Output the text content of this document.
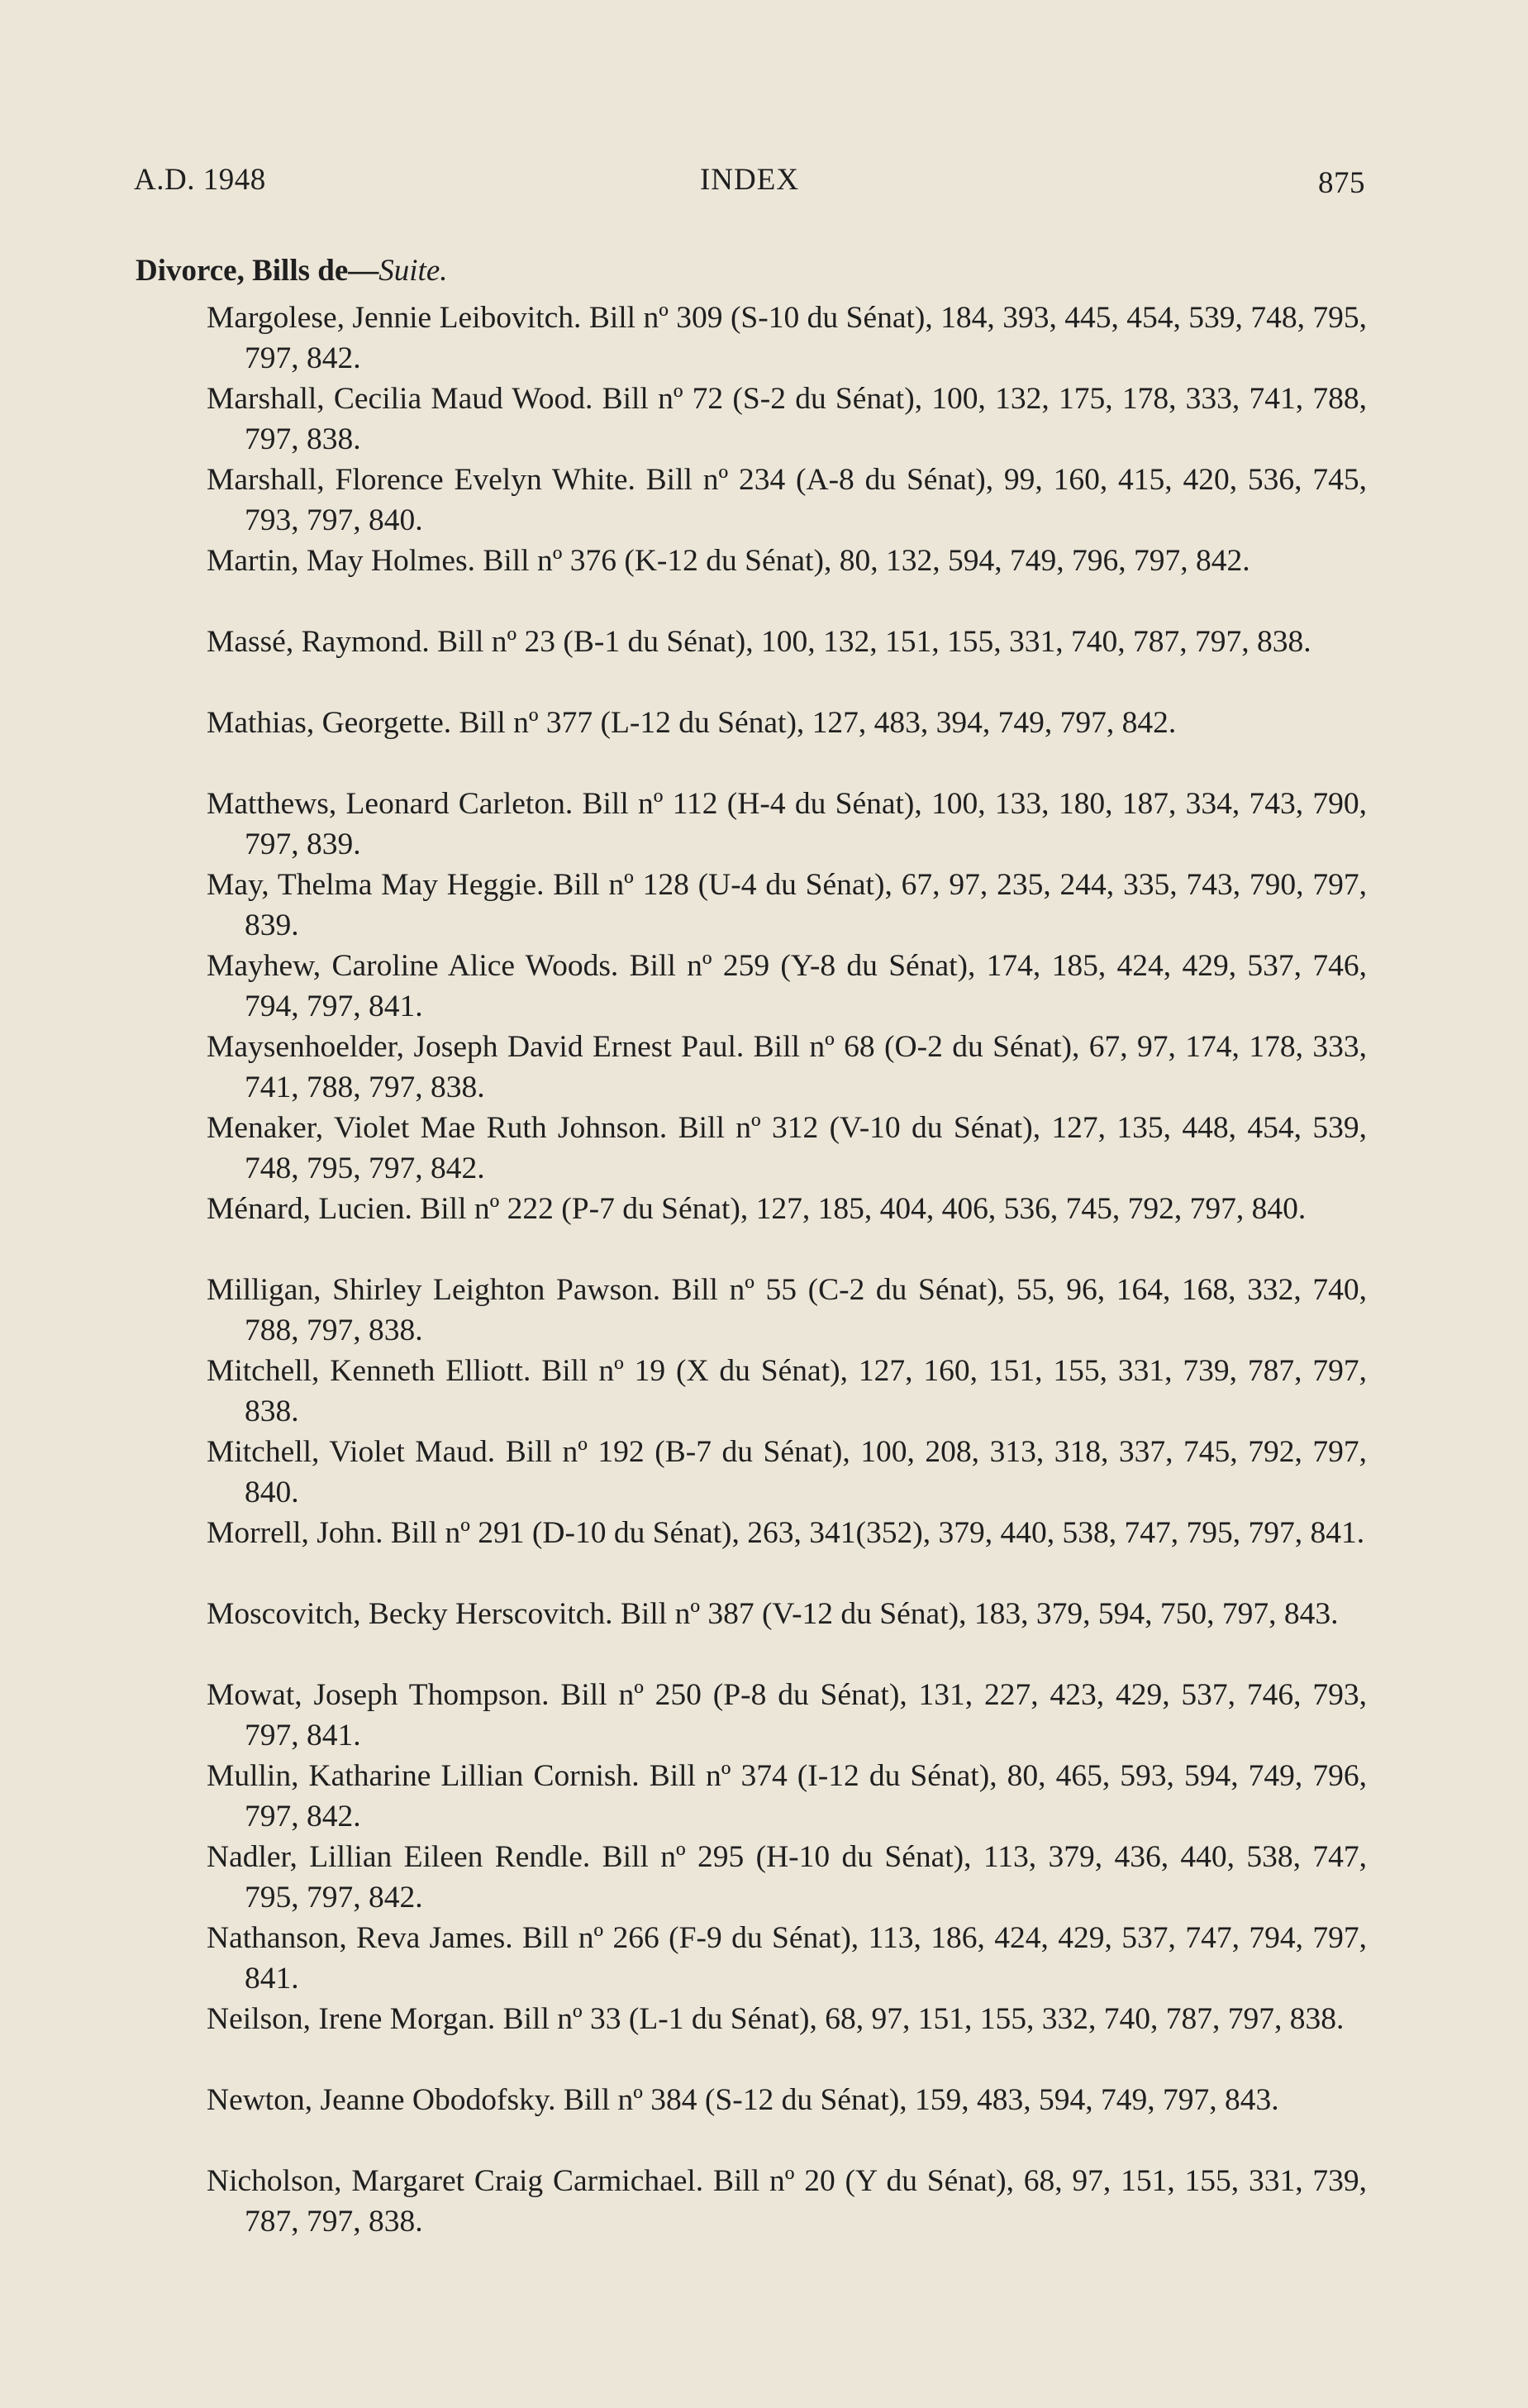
A.D. 1948	INDEX	875
Divorce, Bills de—Suite.
Margolese, Jennie Leibovitch. Bill nº 309 (S-10 du Sénat), 184, 393, 445, 454, 539, 748, 795, 797, 842.
Marshall, Cecilia Maud Wood. Bill nº 72 (S-2 du Sénat), 100, 132, 175, 178, 333, 741, 788, 797, 838.
Marshall, Florence Evelyn White. Bill nº 234 (A-8 du Sénat), 99, 160, 415, 420, 536, 745, 793, 797, 840.
Martin, May Holmes. Bill nº 376 (K-12 du Sénat), 80, 132, 594, 749, 796, 797, 842.
Massé, Raymond. Bill nº 23 (B-1 du Sénat), 100, 132, 151, 155, 331, 740, 787, 797, 838.
Mathias, Georgette. Bill nº 377 (L-12 du Sénat), 127, 483, 394, 749, 797, 842.
Matthews, Leonard Carleton. Bill nº 112 (H-4 du Sénat), 100, 133, 180, 187, 334, 743, 790, 797, 839.
May, Thelma May Heggie. Bill nº 128 (U-4 du Sénat), 67, 97, 235, 244, 335, 743, 790, 797, 839.
Mayhew, Caroline Alice Woods. Bill nº 259 (Y-8 du Sénat), 174, 185, 424, 429, 537, 746, 794, 797, 841.
Maysenhoelder, Joseph David Ernest Paul. Bill nº 68 (O-2 du Sénat), 67, 97, 174, 178, 333, 741, 788, 797, 838.
Menaker, Violet Mae Ruth Johnson. Bill nº 312 (V-10 du Sénat), 127, 135, 448, 454, 539, 748, 795, 797, 842.
Ménard, Lucien. Bill nº 222 (P-7 du Sénat), 127, 185, 404, 406, 536, 745, 792, 797, 840.
Milligan, Shirley Leighton Pawson. Bill nº 55 (C-2 du Sénat), 55, 96, 164, 168, 332, 740, 788, 797, 838.
Mitchell, Kenneth Elliott. Bill nº 19 (X du Sénat), 127, 160, 151, 155, 331, 739, 787, 797, 838.
Mitchell, Violet Maud. Bill nº 192 (B-7 du Sénat), 100, 208, 313, 318, 337, 745, 792, 797, 840.
Morrell, John. Bill nº 291 (D-10 du Sénat), 263, 341(352), 379, 440, 538, 747, 795, 797, 841.
Moscovitch, Becky Herscovitch. Bill nº 387 (V-12 du Sénat), 183, 379, 594, 750, 797, 843.
Mowat, Joseph Thompson. Bill nº 250 (P-8 du Sénat), 131, 227, 423, 429, 537, 746, 793, 797, 841.
Mullin, Katharine Lillian Cornish. Bill nº 374 (I-12 du Sénat), 80, 465, 593, 594, 749, 796, 797, 842.
Nadler, Lillian Eileen Rendle. Bill nº 295 (H-10 du Sénat), 113, 379, 436, 440, 538, 747, 795, 797, 842.
Nathanson, Reva James. Bill nº 266 (F-9 du Sénat), 113, 186, 424, 429, 537, 747, 794, 797, 841.
Neilson, Irene Morgan. Bill nº 33 (L-1 du Sénat), 68, 97, 151, 155, 332, 740, 787, 797, 838.
Newton, Jeanne Obodofsky. Bill nº 384 (S-12 du Sénat), 159, 483, 594, 749, 797, 843.
Nicholson, Margaret Craig Carmichael. Bill nº 20 (Y du Sénat), 68, 97, 151, 155, 331, 739, 787, 797, 838.
